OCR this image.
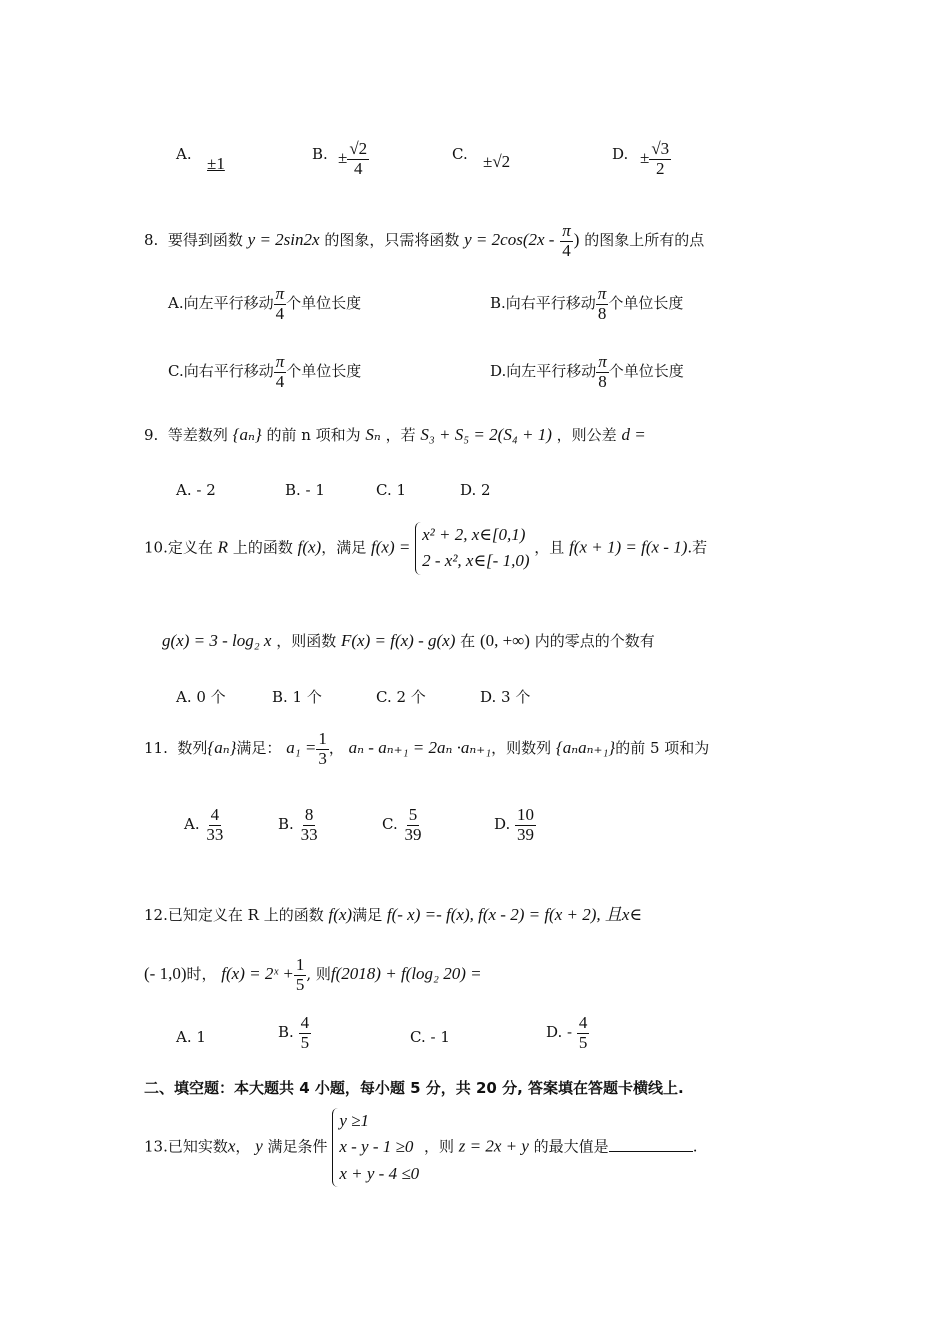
A. ±1	B. ± $\frac{√2}{4}$	C. ±√2	D. ± $\frac{√3}{2}$
8. 要得到函数 y = 2sin2x 的图象，只需将函数 $y = 2\cos(2x - \frac{\pi}{4}$ ) 的图象上所有的点
A.向左平行移动 $\frac{\pi}{4}$ 个单位长度	B.向右平行移动 $\frac{\pi}{8}$ 个单位长度
C.向右平行移动 $\frac{\pi}{4}$ 个单位长度	D.向左平行移动 $\frac{\pi}{8}$ 个单位长度
9. 等差数列 {aₙ} 的前 n 项和为 Sₙ ，若 S₃ + S₅ = 2(S₄ + 1) ，则公差 d =
A. - 2	B. - 1	C. 1	D. 2
10.定义在 R 上的函数 f(x)，满足 f(x) =
x² + 2, x∈[0,1)
2 - x², x∈[- 1,0)
，且 f(x + 1) = f(x - 1).若
g(x) = 3 - log₂ x ，则函数 F(x) = f(x) - g(x) 在 (0, +∞) 内的零点的个数有
A. 0 个	B. 1 个	C. 2 个	D. 3 个
11. 数列{aₙ}满足： $a_1 = \frac{1}{3}$ ， aₙ - aₙ₊₁ = 2aₙ ·aₙ₊₁，则数列 {aₙaₙ₊₁}的前 5 项和为
A. $\frac{4}{33}$	B. $\frac{8}{33}$	C. $\frac{5}{39}$	D. $\frac{10}{39}$
12.已知定义在 R 上的函数 f(x)满足 f(- x) =- f(x), f(x - 2) = f(x + 2), 且x∈
(- 1,0)时， f(x) = 2ˣ + $\frac{1}{5}$ , 则f(2018) + f(log₂ 20) =
A. 1	B. $\frac{4}{5}$	C. - 1	D. - $\frac{4}{5}$
二、填空题：本大题共 4 小题，每小题 5 分，共 20 分, 答案填在答题卡横线上.
13.已知实数x， y 满足条件
y ≥1
x - y - 1 ≥0
x + y - 4 ≤0
，则 z = 2x + y 的最大值是	.
